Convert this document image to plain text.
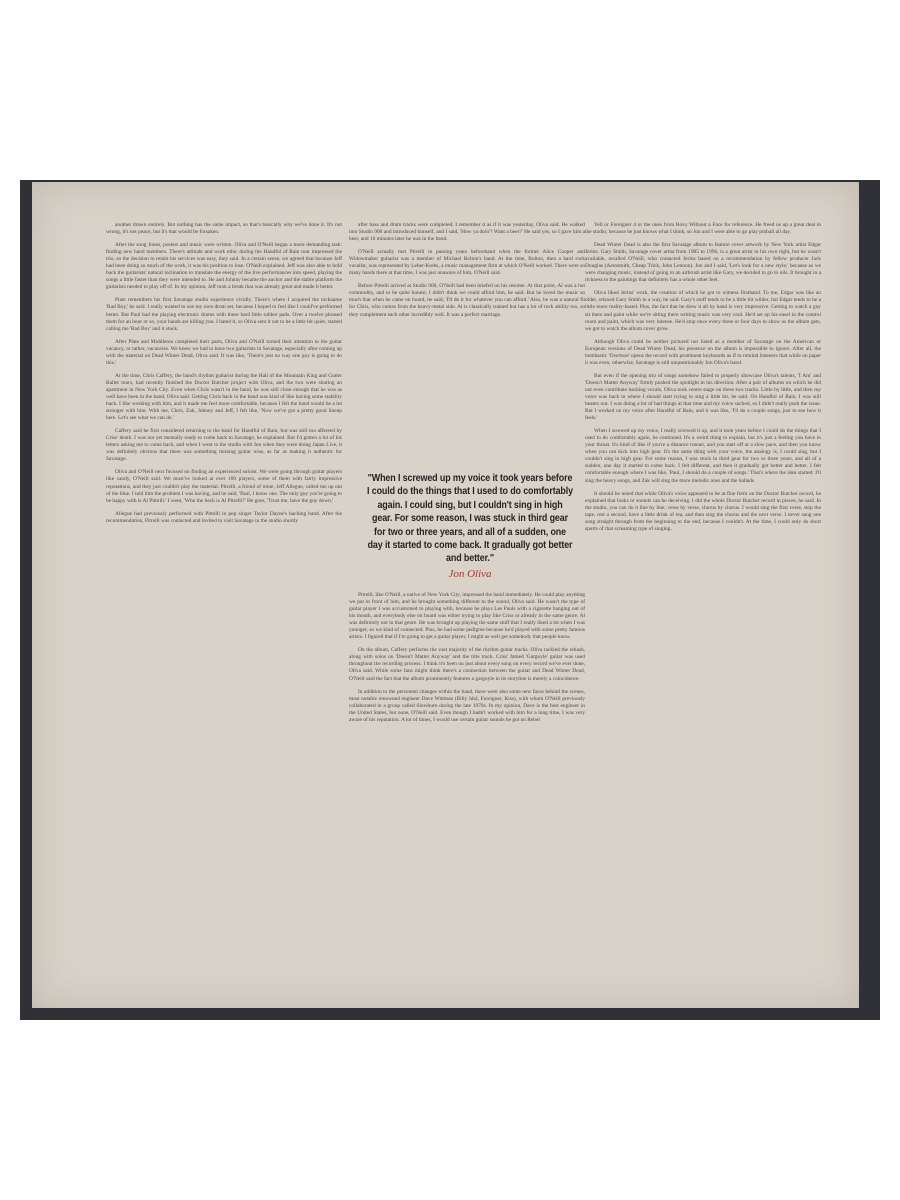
another drawn entirely. But nothing has the same impact, so that's basically why we've done it. It's not wrong, it's not peace, but it's that would be forsaken.

After the song Jones, posters and music were written. Oliva and O'Neill began a more demanding task: finding new band members. There's attitude and work ethic during the Handful of Rain tour impressed the trio, so the decision to retain his services was easy, they said. In a certain sense, we agreed that because Jeff had been doing so much of the work, it was his position to lose. O'Neill explained. Jeff was also able to hold back the guitarists' natural inclination to translate the energy of the live performances into speed, playing the songs a little faster than they were intended to. He and Johnny became the anchor and the stable platform the guitarists needed to play off of. In my opinion, Jeff took a break that was already great and made it better.

Plate remembers his first Savatage studio experience vividly. There's where I acquired the nickname 'Rad Boy,' he said. I really wanted to use my own drum set, because I hoped to feel like I could've performed better. But Paul had me playing electronic drums with these hard little rubber pads. Over a twelve phrased them for an hour or so, your hands are killing you. I hated it, so Oliva sent it out to be a little bit quiet, started calling me 'Rad Boy' and it stuck.

After Plate and Middleton completed their parts, Oliva and O'Neill turned their attention to the guitar vacancy, or rather, vacancies. We knew we had to have two guitarists in Savatage, especially after coming up with the material on Dead Winter Dead, Oliva said. It was like, 'There's just no way one guy is going to do this.'

At the time, Chris Caffery, the band's rhythm guitarist during the Hall of the Mountain King and Gutter Ballet tours, had recently finished the Doctor Butcher project with Oliva, and the two were sharing an apartment in New York City. Even when Chris wasn't in the band, he was still close enough that he was as well have been in the band, Oliva said. Getting Chris back in the band was kind of like having some stability back. I like working with him, and it made me feel more comfortable, because I felt the band would be a lot stronger with him. With me, Chris, Zak, Johnny and Jeff, I felt like, 'Now we've got a pretty good lineup here. Let's see what we can do.'

Caffery said he first considered returning to the band for Handful of Rain, but was still too affected by Criss' death. I was not yet mentally ready to come back to Savatage, he explained. But I'd gotten a lot of his letters asking me to come back, and when I went to the studio with Jon when they were doing Japan Live, it was definitely obvious that there was something missing guitar wise, as far as making it authentic for Savatage.

Oliva and O'Neill next focused on finding an experienced soloist. We were going through guitar players like candy, O'Neill said. We must've looked at over 100 players, some of them with fairly impressive reputations, and they just couldn't play the material. Pitrelli, a friend of mine, Jeff Allegue, called me up out of the blue. I told him the problem I was having, and he said, 'Paul, I know one. The only guy you're going to be happy with is Al Pitrelli.' I went, 'Who the heck is Al Pitrelli?' He goes, 'Trust me, have the guy down.'

Allegue had previously performed with Pitrelli in pop singer Taylor Dayne's backing band. After the recommendation, Pitrelli was contacted and invited to visit Savatage in the studio shortly

after bass and drum tracks were completed. I remember it as if it was yesterday, Oliva said. He walked into Studio 900 and introduced himself, and I said, 'How ya doin'? Want a beer?' He said yes, so I gave him a beer, and 10 minutes later he was in the band.

O'Neill actually met Pitrelli in passing years beforehand when the former Alice Cooper and Widowmaker guitarist was a member of Michael Bolton's band. At the time, Bolton, then a hard rock vocalist, was represented by Leber-Krebs, a music management firm at which O'Neill worked. There were so many bands there at that time, I was just unaware of him, O'Neill said.

Before Pitrelli arrived at Studio 900, O'Neill had been briefed on his resume. At that point, Al was a hot commodity, and to be quite honest, I didn't think we could afford him, he said. But he loved the music so much that when he came on board, he said, 'I'll do it for whatever you can afford.' Also, he was a natural fit for Chris, who comes from the heavy-metal side. Al is classically trained but has a lot of rock ability too, so they complement each other incredibly well. It was a perfect marriage.

"When I screwed up my voice it took years before I could do the things that I used to do comfortably again. I could sing, but I couldn't sing in high gear. For some reason, I was stuck in third gear for two or three years, and all of a sudden, one day it started to come back. It gradually got better and better."
Jon Oliva

Pitrelli, like O'Neill, a native of New York City, impressed the band immediately. He could play anything we put in front of him, and he brought something different to the sound, Oliva said. He wasn't the type of guitar player I was accustomed to playing with, because he plays Les Pauls with a cigarette hanging out of his mouth, and everybody else on board was either trying to play like Criss or already in the same genre. Al was definitely not in that genre. He was brought up playing the same stuff that I really liked a lot when I was younger, so we kind of connected. Plus, he had some pedigree because he'd played with some pretty famous artists. I figured that if I'm going to get a guitar player, I might as well get somebody that people know.

On the album, Caffery performs the vast majority of the rhythm guitar tracks. Oliva tackled the rehash, along with solos on 'Doesn't Matter Anyway' and the title track. Criss' famed 'Gargoyle' guitar was used throughout the recording process. I think it's been on just about every song on every record we've ever done, Oliva said. While some fans might think there's a connection between the guitar and Dead Winter Dead, O'Neill said the fact that the album prominently features a gargoyle in its storyline is merely a coincidence.

In addition to the personnel changes within the band, there were also some new faces behind the scenes, most notable renowned engineer Dave Wittman (Billy Idol, Foreigner, Kiss), with whom O'Neill previously collaborated in a group called Slowburn during the late 1970s. In my opinion, Dave is the best engineer in the United States, but none, O'Neill said. Even though I hadn't worked with him for a long time, I was very aware of his reputation. A lot of times, I would use certain guitar sounds he got on Rebel

Yell or Foreigner 4 or the ones from Roxy Without a Face for reference. He freed us up a great deal in the studio, because he just knows what I think, so Jon and I were able to go play pinball all day.

Dead Winter Dead is also the first Savatage album to feature cover artwork by New York artist Edgar Jerins. Gary Smith, Savatage cover artist from 1985 to 1996, is a great artist in his own right, but he wasn't available, recalled O'Neill, who contacted Jerins based on a recommendation by fellow producer Jack Douglas (Aerosmith, Cheap Trick, John Lennon). Jon and I said, 'Let's look for a new style,' because as we were changing music, instead of going to an airbrush artist like Gary, we decided to go to oils. It brought in a richness to the paintings that definitely has a whole other feel.

Oliva liked Jerins' work, the creation of which he got to witness firsthand. To me, Edgar was like an older, relaxed Gary Smith in a way, he said. Gary's stuff tends to be a little bit wilder, but Edgar tends to be a little more reality-based. Plus, the fact that he drew it all by hand is very impressive. Getting to watch a guy sit there and paint while we're sitting there writing music was very cool. He'd set up his easel in the control room and paint, which was very intense. He'd stop once every three or four days to show us the album gets, we got to watch the album cover grow.

Although Oliva could be neither pictured nor listed as a member of Savatage on the American or European versions of Dead Winter Dead, his presence on the album is impossible to ignore. After all, the bombastic 'Overture' opens the record with prominent keyboards as if to remind listeners that while on paper it was even, otherwise, Savatage is still unquestionably Jon Oliva's band.

But even if the opening trio of songs somehow failed to properly showcase Oliva's talents, 'I Am' and 'Doesn't Matter Anyway' firmly pushed the spotlight in his direction. After a pair of albums on which he did not even contribute backing vocals, Oliva took centre stage on these two tracks. Little by little, and then my voice was back to where I should start trying to sing a little bit, he said. On Handful of Rain, I was still beaten out. I was doing a lot of bad things at that time and my voice sucked, so I didn't really push the issue. But I worked on my voice after Handful of Rain, and it was like, 'I'll do a couple songs, just to see how it feels.'

When I screwed up my voice, I really screwed it up, and it took years before I could do the things that I used to do comfortably again, he continued. It's a weird thing to explain, but it's just a feeling you have in your throat. It's kind of like if you're a distance runner, and you start off at a slow pace, and then you know when you can kick into high gear. It's the same thing with your voice, the analogy is, I could sing, but I couldn't sing in high gear. For some reason, I was stuck in third gear for two or three years, and all of a sudden, one day it started to come back. I felt different, and then it gradually got better and better. I felt comfortable enough where I was like, 'Paul, I should do a couple of songs.' That's where the idea started: I'll sing the heavy songs, and Zak will sing the more melodic ones and the ballads.

It should be noted that while Oliva's voice appeared to be at fine form on the Doctor Butcher record, he explained that looks or sounds can be deceiving. I did the whole Doctor Butcher record in pieces, he said. In the studio, you can do it line by line, verse by verse, chorus by chorus. I would sing the first verse, stop the tape, rest a second, have a little drink of tea, and then sing the chorus and the next verse. I never sang one song straight through from the beginning to the end, because I couldn't. At the time, I could only do short spurts of that screaming type of singing.
